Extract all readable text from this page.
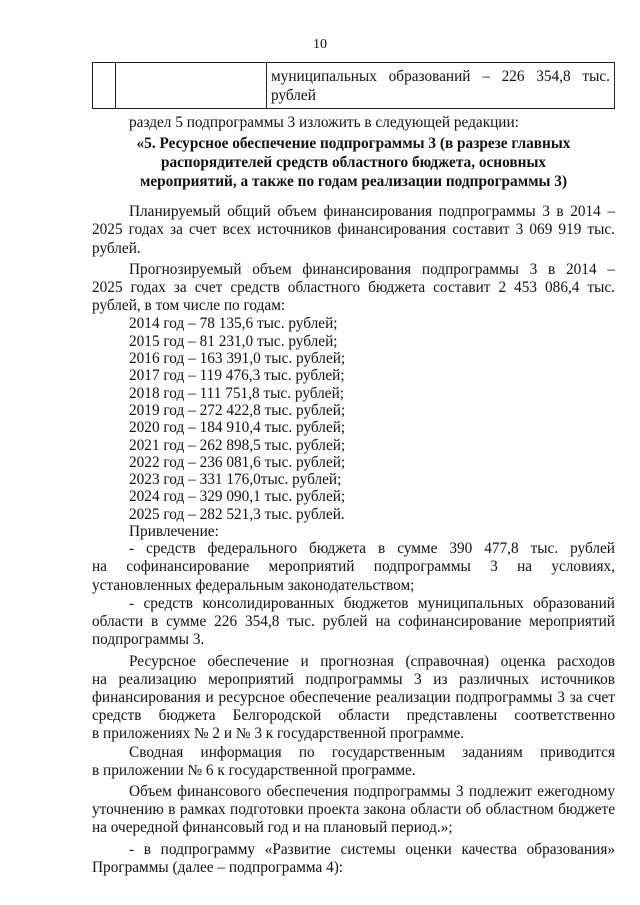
10

муниципальных образований – 226 354,8 тыс.
рублей

раздел 5 подпрограммы 3 изложить в следующей редакции:

«5. Ресурсное обеспечение подпрограммы 3 (в разрезе главных
распорядителей средств областного бюджета, основных
мероприятий, а также по годам реализации подпрограммы 3)

Планируемый общий объем финансирования подпрограммы 3 в 2014 –
2025 годах за счет всех источников финансирования составит 3 069 919 тыс.
рублей.

Прогнозируемый объем финансирования подпрограммы 3 в 2014 –
2025 годах за счет средств областного бюджета составит 2 453 086,4 тыс.
рублей, в том числе по годам:

2014 год – 78 135,6 тыс. рублей;
2015 год – 81 231,0 тыс. рублей;
2016 год – 163 391,0 тыс. рублей;
2017 год – 119 476,3 тыс. рублей;
2018 год – 111 751,8 тыс. рублей;
2019 год – 272 422,8 тыс. рублей;
2020 год – 184 910,4 тыс. рублей;
2021 год – 262 898,5 тыс. рублей;
2022 год – 236 081,6 тыс. рублей;
2023 год – 331 176,0тыс. рублей;
2024 год – 329 090,1 тыс. рублей;
2025 год – 282 521,3 тыс. рублей.
Привлечение:

- средств федерального бюджета в сумме 390 477,8 тыс. рублей
на софинансирование мероприятий подпрограммы 3 на условиях,
установленных федеральным законодательством;

- средств консолидированных бюджетов муниципальных образований
области в сумме 226 354,8 тыс. рублей на софинансирование мероприятий
подпрограммы 3.

Ресурсное обеспечение и прогнозная (справочная) оценка расходов
на реализацию мероприятий подпрограммы 3 из различных источников
финансирования и ресурсное обеспечение реализации подпрограммы 3 за счет
средств бюджета Белгородской области представлены соответственно
в приложениях № 2 и № 3 к государственной программе.

Сводная информация по государственным заданиям приводится
в приложении № 6 к государственной программе.

Объем финансового обеспечения подпрограммы 3 подлежит ежегодному
уточнению в рамках подготовки проекта закона области об областном бюджете
на очередной финансовый год и на плановый период.»;

- в подпрограмму «Развитие системы оценки качества образования»
Программы (далее – подпрограмма 4):
